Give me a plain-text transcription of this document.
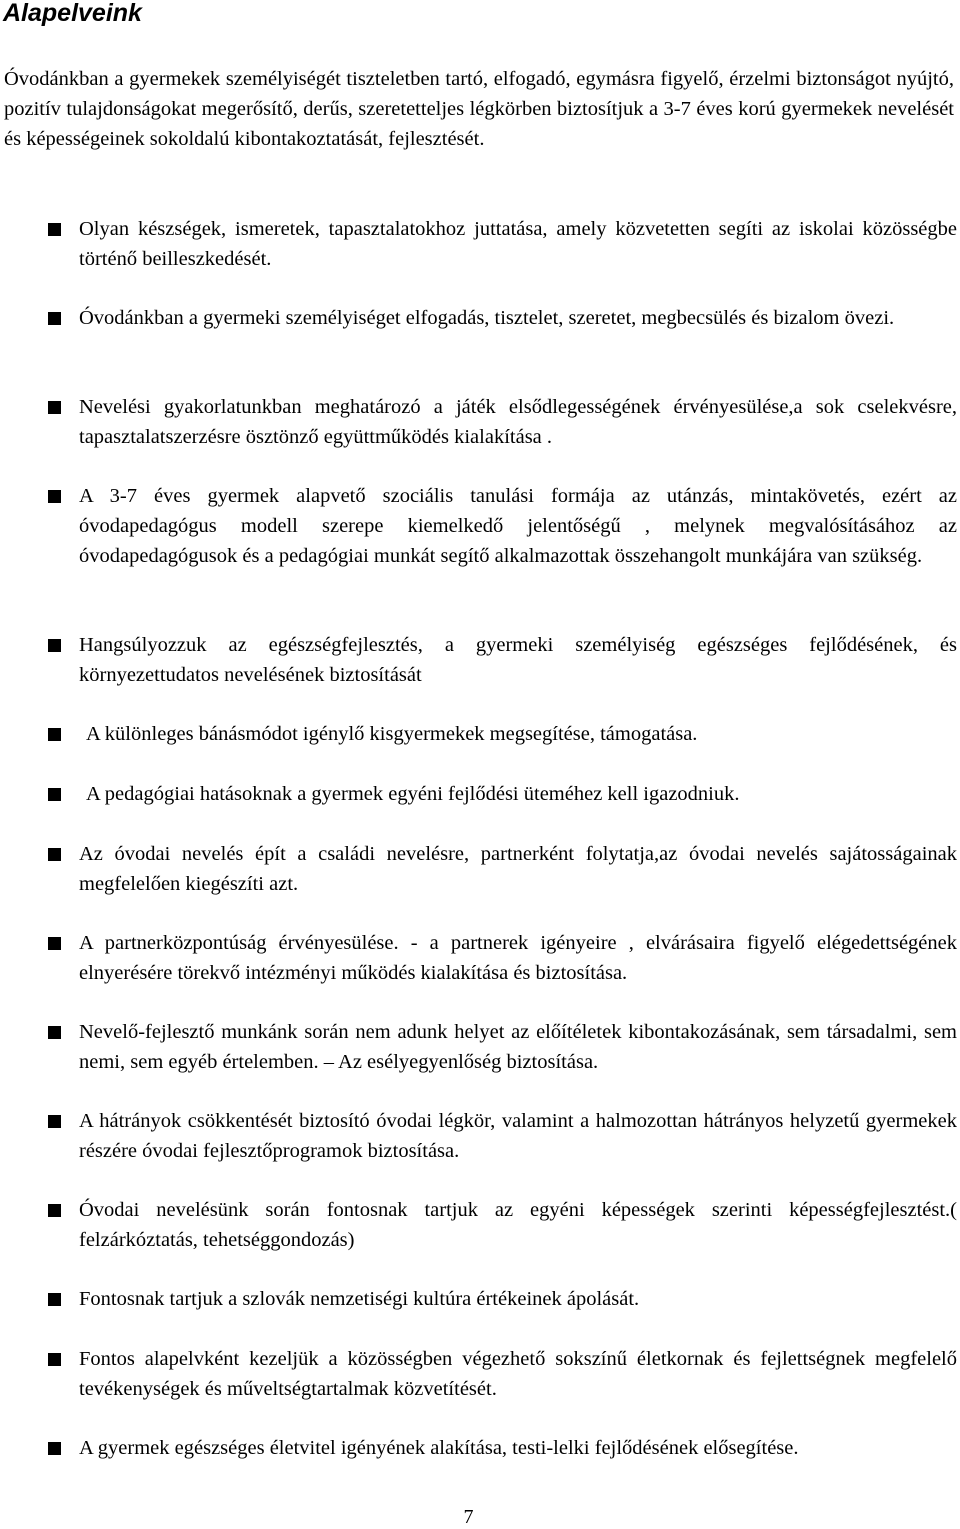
Alapelveink

Óvodánkban a gyermekek személyiségét tiszteletben tartó, elfogadó, egymásra figyelő, érzelmi biztonságot nyújtó, pozitív tulajdonságokat megerősítő, derűs, szeretetteljes légkörben biztosítjuk a 3-7 éves korú gyermekek nevelését és képességeinek sokoldalú kibontakoztatását, fejlesztését.

Olyan készségek, ismeretek, tapasztalatokhoz juttatása, amely közvetetten segíti az iskolai közösségbe történő beilleszkedését.
Óvodánkban a gyermeki személyiséget elfogadás, tisztelet, szeretet, megbecsülés és bizalom övezi.
Nevelési gyakorlatunkban meghatározó a játék elsődlegességének érvényesülése,a sok cselekvésre, tapasztalatszerzésre ösztönző együttműködés kialakítása .
A 3-7 éves gyermek alapvető szociális tanulási formája az utánzás, mintakövetés, ezért az óvodapedagógus modell szerepe kiemelkedő jelentőségű , melynek megvalósításához az óvodapedagógusok és a pedagógiai munkát segítő alkalmazottak összehangolt munkájára van szükség.
Hangsúlyozzuk az egészségfejlesztés, a gyermeki személyiség egészséges fejlődésének, és környezettudatos nevelésének biztosítását
A különleges bánásmódot igénylő kisgyermekek megsegítése, támogatása.
A pedagógiai hatásoknak a gyermek egyéni fejlődési üteméhez kell igazodniuk.
Az óvodai nevelés épít a családi nevelésre, partnerként folytatja,az óvodai nevelés sajátosságainak megfelelően kiegészíti azt.
A partnerközpontúság érvényesülése. - a partnerek igényeire , elvárásaira figyelő elégedettségének elnyerésére törekvő intézményi működés kialakítása és biztosítása.
Nevelő-fejlesztő munkánk során nem adunk helyet az előítéletek kibontakozásának, sem társadalmi, sem nemi, sem egyéb értelemben. – Az esélyegyenlőség biztosítása.
A hátrányok csökkentését biztosító óvodai légkör, valamint a halmozottan hátrányos helyzetű gyermekek részére óvodai fejlesztőprogramok biztosítása.
Óvodai nevelésünk során fontosnak tartjuk az egyéni képességek szerinti képességfejlesztést.( felzárkóztatás, tehetséggondozás)
Fontosnak tartjuk a szlovák nemzetiségi kultúra értékeinek ápolását.
Fontos alapelvként kezeljük a közösségben végezhető sokszínű életkornak és fejlettségnek megfelelő tevékenységek és műveltségtartalmak közvetítését.
A gyermek egészséges életvitel igényének alakítása, testi-lelki fejlődésének elősegítése.
7
